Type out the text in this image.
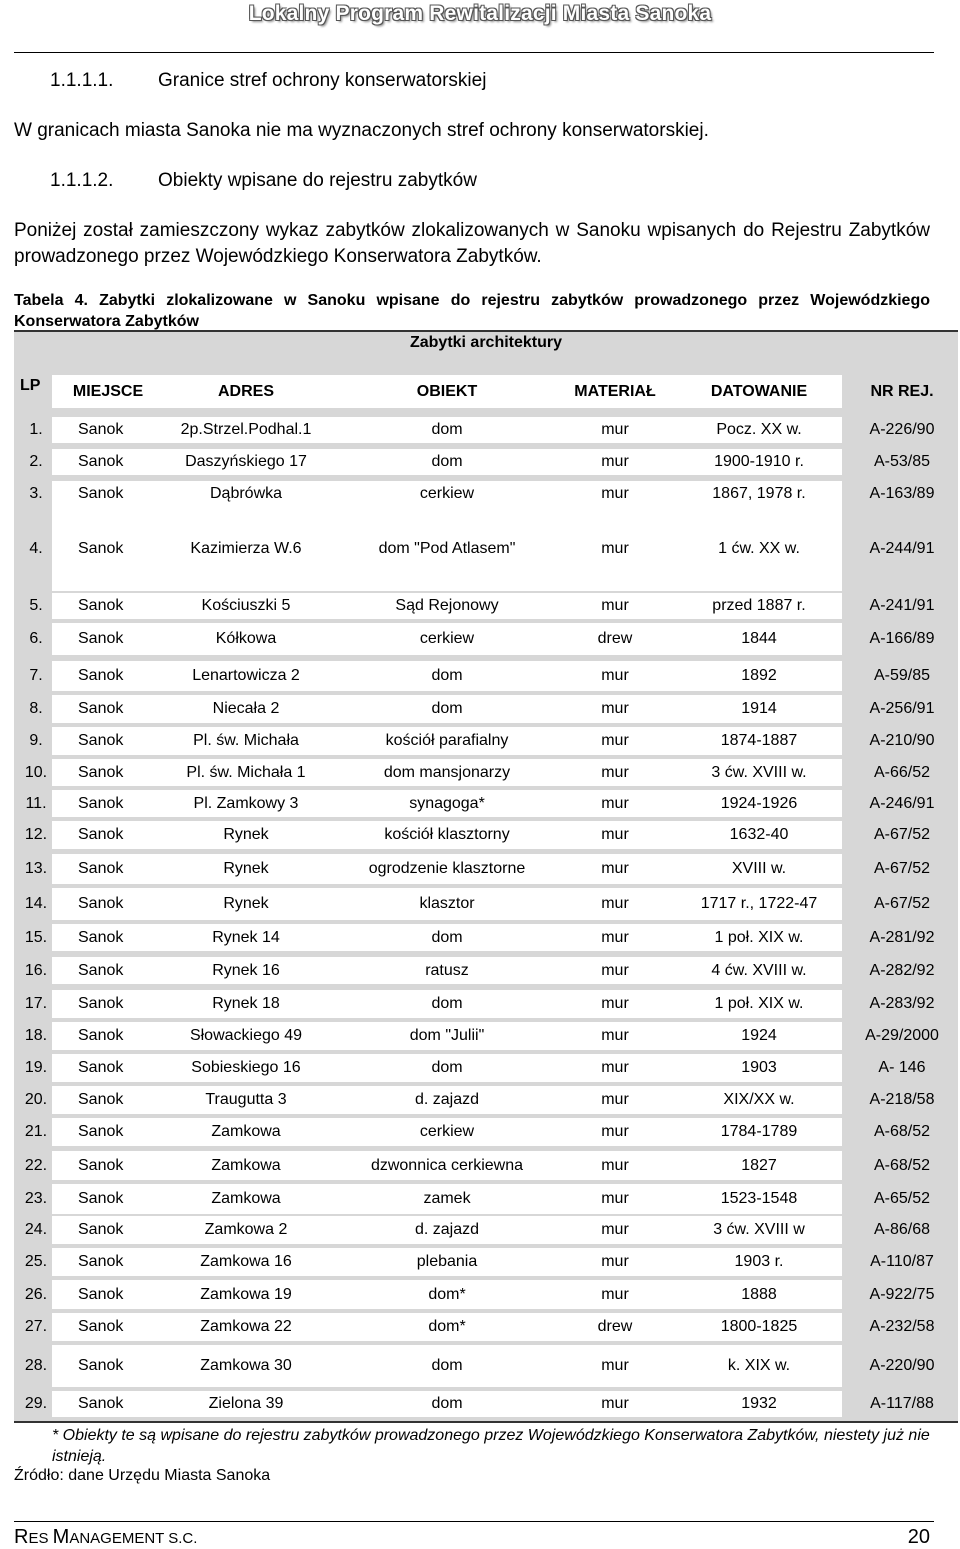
Lokalny Program Rewitalizacji Miasta Sanoka
1.1.1.1.	Granice stref ochrony konserwatorskiej
W granicach miasta Sanoka nie ma wyznaczonych stref ochrony konserwatorskiej.
1.1.1.2.	Obiekty wpisane do rejestru zabytków
Poniżej został zamieszczony wykaz zabytków zlokalizowanych w Sanoku wpisanych do Rejestru Zabytków prowadzonego przez Wojewódzkiego Konserwatora Zabytków.
Tabela 4. Zabytki zlokalizowane w Sanoku wpisane do rejestru zabytków prowadzonego przez Wojewódzkiego Konserwatora Zabytków
Zabytki architektury
LP	MIEJSCE	ADRES	OBIEKT	MATERIAŁ	DATOWANIE	NR REJ.
1.	Sanok	2p.Strzel.Podhal.1	dom	mur	Pocz. XX w.	A-226/90
2.	Sanok	Daszyńskiego 17	dom	mur	1900-1910 r.	A-53/85
3.	Sanok	Dąbrówka	cerkiew	mur	1867, 1978 r.	A-163/89
4.	Sanok	Kazimierza W.6	dom "Pod Atlasem"	mur	1 ćw. XX w.	A-244/91
5.	Sanok	Kościuszki 5	Sąd Rejonowy	mur	przed 1887 r.	A-241/91
6.	Sanok	Kółkowa	cerkiew	drew	1844	A-166/89
7.	Sanok	Lenartowicza 2	dom	mur	1892	A-59/85
8.	Sanok	Niecała 2	dom	mur	1914	A-256/91
9.	Sanok	Pl. św. Michała	kościół parafialny	mur	1874-1887	A-210/90
10.	Sanok	Pl. św. Michała 1	dom mansjonarzy	mur	3 ćw. XVIII w.	A-66/52
11.	Sanok	Pl. Zamkowy 3	synagoga*	mur	1924-1926	A-246/91
12.	Sanok	Rynek	kościół klasztorny	mur	1632-40	A-67/52
13.	Sanok	Rynek	ogrodzenie klasztorne	mur	XVIII w.	A-67/52
14.	Sanok	Rynek	klasztor	mur	1717 r., 1722-47	A-67/52
15.	Sanok	Rynek 14	dom	mur	1 poł. XIX w.	A-281/92
16.	Sanok	Rynek 16	ratusz	mur	4 ćw. XVIII w.	A-282/92
17.	Sanok	Rynek 18	dom	mur	1 poł. XIX w.	A-283/92
18.	Sanok	Słowackiego 49	dom "Julii"	mur	1924	A-29/2000
19.	Sanok	Sobieskiego 16	dom	mur	1903	A- 146
20.	Sanok	Traugutta 3	d. zajazd	mur	XIX/XX w.	A-218/58
21.	Sanok	Zamkowa	cerkiew	mur	1784-1789	A-68/52
22.	Sanok	Zamkowa	dzwonnica cerkiewna	mur	1827	A-68/52
23.	Sanok	Zamkowa	zamek	mur	1523-1548	A-65/52
24.	Sanok	Zamkowa 2	d. zajazd	mur	3 ćw. XVIII w	A-86/68
25.	Sanok	Zamkowa 16	plebania	mur	1903 r.	A-110/87
26.	Sanok	Zamkowa 19	dom*	mur	1888	A-922/75
27.	Sanok	Zamkowa 22	dom*	drew	1800-1825	A-232/58
28.	Sanok	Zamkowa 30	dom	mur	k. XIX w.	A-220/90
29.	Sanok	Zielona 39	dom	mur	1932	A-117/88
* Obiekty te są wpisane do rejestru zabytków prowadzonego przez Wojewódzkiego Konserwatora Zabytków, niestety już nie istnieją.
Źródło: dane Urzędu Miasta Sanoka
RES MANAGEMENT S.C.	20
